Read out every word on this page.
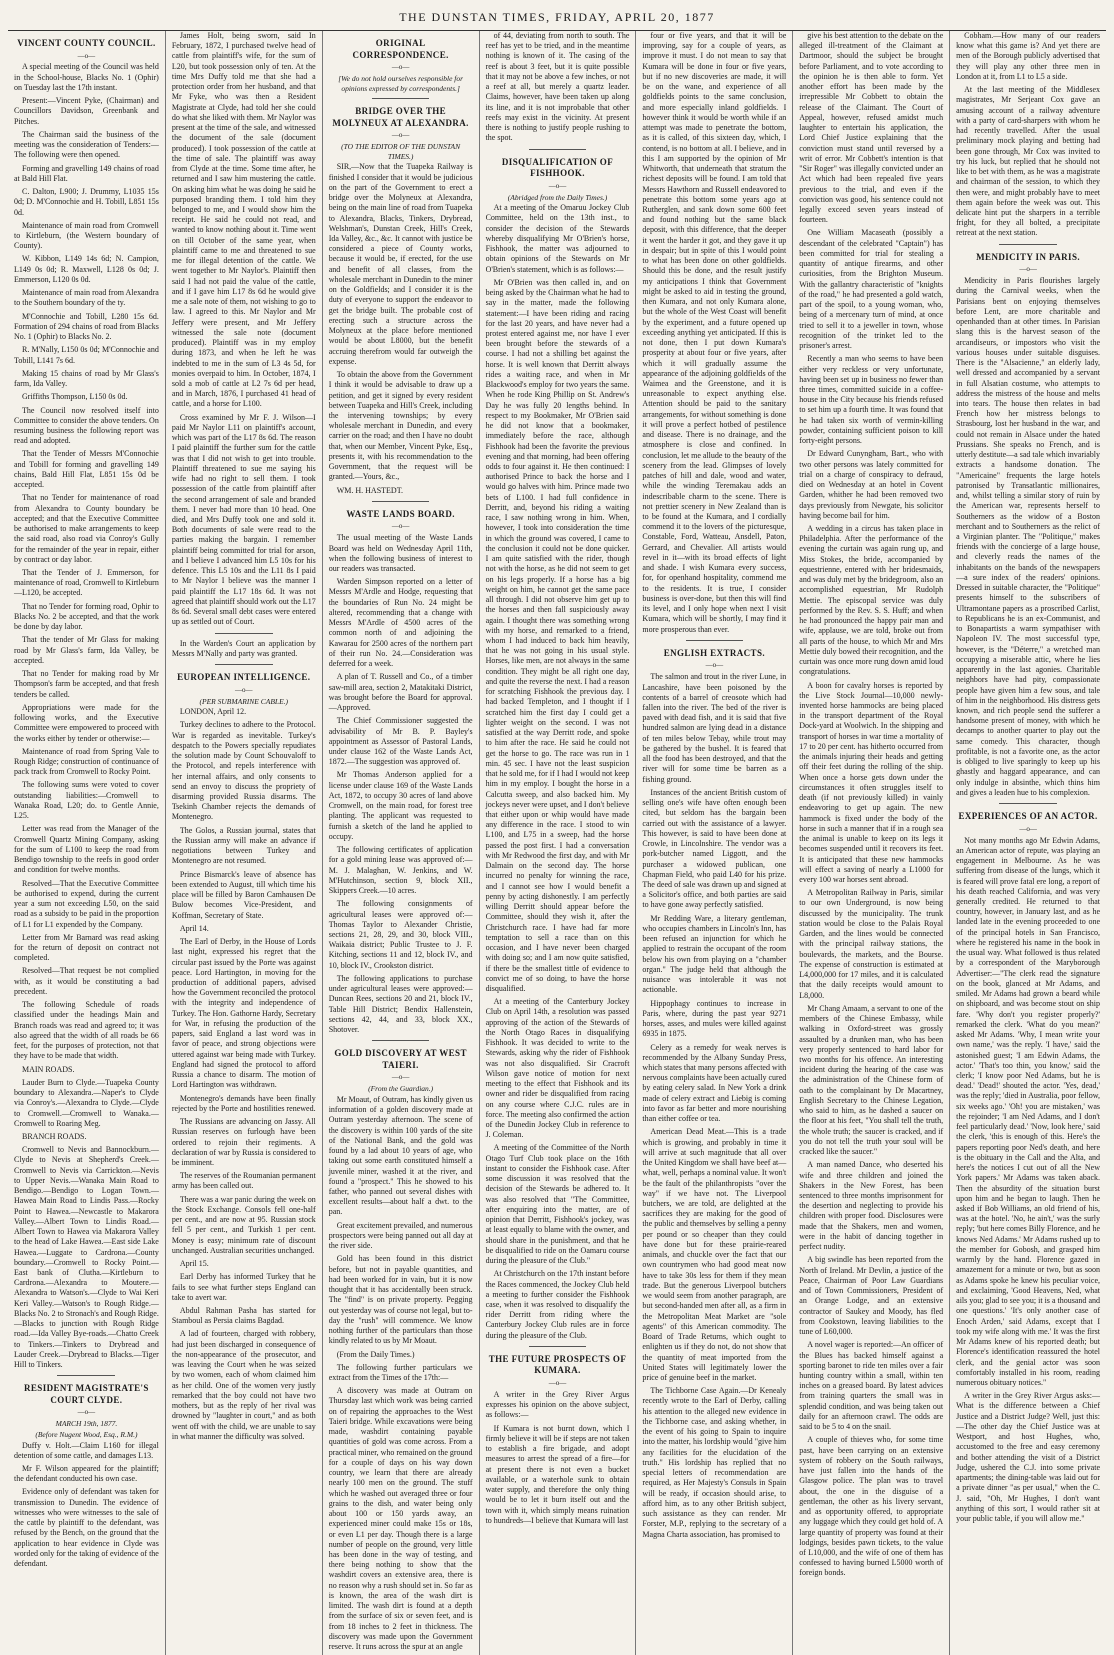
THE DUNSTAN TIMES, FRIDAY, APRIL 20, 1877
VINCENT COUNTY COUNCIL.
—o—

A special meeting of the Council was held in the School-house, Blacks No. 1 (Ophir) on Tuesday last the 17th instant.

Present:—Vincent Pyke, (Chairman) and Councillors Davidson, Greenbank and Pitches.

The Chairman said the business of the meeting was the consideration of Tenders:—The following were then opened.

Forming and gravelling 149 chains of road at Bald Hill Flat.

C. Dalton, L900; J. Drummy, L1035 15s 0d; D. M'Connochie and H. Tobill, L851 15s 0d.

Maintenance of main road from Cromwell to Kirtleburn, (the Western boundary of County).

W. Kibbon, L149 14s 6d; N. Campion, L149 0s 0d; R. Maxwell, L128 0s 0d; J. Emmerson, L120 0s 0d.

Maintenance of main road from Alexandra to the Southern boundary of the ty.

M'Connochie and Tobill, L280 15s 6d. Formation of 294 chains of road from Blacks No. 1 (Ophir) to Blacks No. 2.

R. M'Nally, L150 0s 0d; M'Connochie and Tobill, L141 7s 6d.

Making 15 chains of road by Mr Glass's farm, Ida Valley.

Griffiths Thompson, L150 0s 0d.

The Council now resolved itself into Committee to consider the above tenders. On resuming business the following report was read and adopted.

That the Tender of Messrs M'Connochie and Tobill for forming and gravelling 149 chains, Bald Hill Flat, L851 15s 0d be accepted.

That no Tender for maintenance of road from Alexandra to County boundary be accepted; and that the Executive Committee be authorised to make arrangements to keep the said road, also road via Conroy's Gully for the remainder of the year in repair, either by contract or day labor.

That the Tender of J. Emmerson, for maintenance of road, Cromwell to Kirtleburn—L120, be accepted.

That no Tender for forming road, Ophir to Blacks No. 2 be accepted, and that the work be done by day labor.

That the tender of Mr Glass for making road by Mr Glass's farm, Ida Valley, be accepted.

That no Tender for making road by Mr Thompson's farm be accepted, and that fresh tenders be called.

Appropriations were made for the following works, and the Executive Committee were empowered to proceed with the works either by tender or otherwise:—

Maintenance of road from Spring Vale to Rough Ridge; construction of continuance of pack track from Cromwell to Rocky Point.

The following sums were voted to cover outstanding liabilities:—Cromwell to Wanaka Road, L20; do. to Gentle Annie, L25.

Letter was read from the Manager of the Cromwell Quartz Mining Company, asking for the sum of L100 to keep the road from Bendigo township to the reefs in good order and condition for twelve months.

Resolved—That the Executive Committee be authorised to expend, during the current year a sum not exceeding L50, on the said road as a subsidy to be paid in the proportion of L1 for L1 expended by the Company.

Letter from Mr Barnard was read asking for the return of deposit on contract not completed.

Resolved—That request be not complied with, as it would be constituting a bad precedent.

The following Schedule of roads classified under the headings Main and Branch roads was read and agreed to; it was also agreed that the width of all roads be 66 feet, for the purposes of protection, not that they have to be made that width.

MAIN ROADS.

Lauder Burn to Clyde.—Tuapeka County boundary to Alexandra.—Naper's to Clyde via Conroy's.—Alexandra to Clyde.—Clyde to Cromwell.—Cromwell to Wanaka.—Cromwell to Roaring Meg.

BRANCH ROADS.

Cromwell to Nevis and Bannockburn.—Clyde to Nevis at Shepherd's Creek.—Cromwell to Nevis via Carrickton.—Nevis to Upper Nevis.—Wanaka Main Road to Bendigo.—Bendigo to Logan Town.—Hawea Main Road to Lindis Pass.—Rocky Point to Hawea.—Newcastle to Makarora Valley.—Albert Town to Lindis Road.—Albert Town to Hawea via Makarora Valley to the head of Lake Hawea.—East side Lake Hawea.—Luggate to Cardrona.—County boundary.—Cromwell to Rocky Point.—East bank of Clutha.—Kirtleburn to Cardrona.—Alexandra to Moutere.—Alexandra to Watson's.—Clyde to Wai Keri Keri Valley.—Watson's to Rough Ridge.—Blacks No. 2 to Stronach's and Rough Ridge.—Blacks to junction with Rough Ridge road.—Ida Valley Bye-roads.—Chatto Creek to Tinkers.—Tinkers to Drybread and Lauder Creek.—Drybread to Blacks.—Tiger Hill to Tinkers.

RESIDENT MAGISTRATE'S COURT CLYDE.
—o—
MARCH 19th, 1877.
(Before Nugent Wood, Esq., R.M.)

Duffy v. Holt.—Claim L160 for illegal detention of some cattle, and damages L13.

Mr F. Wilson appeared for the plaintiff; the defendant conducted his own case.

Evidence only of defendant was taken for transmission to Dunedin. The evidence of witnesses who were witnesses to the sale of the cattle by plaintiff to the defendant, was refused by the Bench, on the ground that the application to hear evidence in Clyde was worded only for the taking of evidence of the defendant.

James Holt, being sworn, said In February, 1872, I purchased twelve head of cattle from plaintiff's wife, for the sum of L20, but took possession only of ten. At the time Mrs Duffy told me that she had a protection order from her husband, and that Mr Fyke, who was then a Resident Magistrate at Clyde, had told her she could do what she liked with them. Mr Naylor was present at the time of the sale, and witnessed the document of the sale (document produced). I took possession of the cattle at the time of sale. The plaintiff was away from Clyde at the time. Some time after, he returned and I saw him mustering the cattle. On asking him what he was doing he said he purposed branding them. I told him they belonged to me, and I would show him the receipt. He said he could not read, and wanted to know nothing about it. Time went on till October of the same year, when plaintiff came to me and threatened to sue me for illegal detention of the cattle. We went together to Mr Naylor's. Plaintiff then said I had not paid the value of the cattle, and if I gave him L17 8s 6d he would give me a sale note of them, not wishing to go to law. I agreed to this. Mr Naylor and Mr Jeffery were present, and Mr Jeffery witnessed the sale note (document produced). Plaintiff was in my employ during 1873, and when he left he was indebted to me in the sum of L3 4s 5d, for monies overpaid to him. In October, 1874, I sold a mob of cattle at L2 7s 6d per head, and in March, 1876, I purchased 41 head of cattle, and a horse for L100.

Cross examined by Mr F. J. Wilson—I paid Mr Naylor L11 on plaintiff's account, which was part of the L17 8s 6d. The reason I paid plaintiff the further sum for the cattle was that I did not wish to get into trouble. Plaintiff threatened to sue me saying his wife had no right to sell them. I took possession of the cattle from plaintiff after the second arrangement of sale and branded them. I never had more than 10 head. One died, and Mrs Duffy took one and sold it. Both documents of sale were read to the parties making the bargain. I remember plaintiff being committed for trial for arson, and I believe I advanced him L5 10s for his defence. This L5 10s and the L11 8s I paid to Mr Naylor I believe was the manner I paid plaintiff the L17 18s 6d. It was not agreed that plaintiff should work out the L17 8s 6d. Several small debt cases were entered up as settled out of Court.

In the Warden's Court an application by Messrs M'Nally and party was granted.

EUROPEAN INTELLIGENCE.
—o—
(PER SUBMARINE CABLE.)

LONDON, April 12.

Turkey declines to adhere to the Protocol. War is regarded as inevitable. Turkey's despatch to the Powers specially repudiates the solution made by Count Schouvaloff to the Protocol, and repels interference with her internal affairs, and only consents to send an envoy to discuss the propriety of disarming provided Russia disarms. The Tsekinh Chamber rejects the demands of Montenegro.

The Golos, a Russian journal, states that the Russian army will make an advance if negotiations between Turkey and Montenegro are not resumed.

Prince Bismarck's leave of absence has been extended to August, till which time his place will be filled by Baron Camhausen De Bulow becomes Vice-President, and Koffman, Secretary of State.

April 14.

The Earl of Derby, in the House of Lords last night, expressed his regret that the circular past issued by the Porte was against peace. Lord Hartington, in moving for the production of additional papers, advised how the Government reconciled the protocol with the integrity and independence of Turkey. The Hon. Gathorne Hardy, Secretary for War, in refusing the production of the papers, said England a last word was in favor of peace, and strong objections were uttered against war being made with Turkey. England had signed the protocol to afford Russia a chance to disarm. The motion of Lord Hartington was withdrawn.

Montenegro's demands have been finally rejected by the Porte and hostilities renewed.

The Russians are advancing on Jassy. All Russian reserves on furlough have been ordered to rejoin their regiments. A declaration of war by Russia is considered to be imminent.

The reserves of the Roumanian permanent army has been called out.

There was a war panic during the week on the Stock Exchange. Consols fell one-half per cent., and are now at 95. Russian stock fell 5 per cent., and Turkish 1 per cent. Money is easy; minimum rate of discount unchanged. Australian securities unchanged.

April 15.

Earl Derby has informed Turkey that he fails to see what further steps England can take to avert war.

Abdul Rahman Pasha has started for Stamboul as Persia claims Bagdad.

A lad of fourteen, charged with robbery, had just been discharged in consequence of the non-appearance of the prosecutor, and was leaving the Court when he was seized by two women, each of whom claimed him as her child. One of the women very justly remarked that the boy could not have two mothers, but as the reply of her rival was drowned by "laughter in court," and as both went off with the child, we are unable to say in what manner the difficulty was solved.

ORIGINAL CORRESPONDENCE.
—o—
[We do not hold ourselves responsible for opinions expressed by correspondents.]
BRIDGE OVER THE MOLYNEUX AT ALEXANDRA.
—o—
(TO THE EDITOR OF THE DUNSTAN TIMES.)

SIR,—Now that the Tuapeka Railway is finished I consider that it would be judicious on the part of the Government to erect a bridge over the Molyneux at Alexandra, being on the main line of road from Tuapeka to Alexandra, Blacks, Tinkers, Drybread, Welshman's, Dunstan Creek, Hill's Creek, Ida Valley, &c., &c. It cannot with justice be considered a piece of County works, because it would be, if erected, for the use and benefit of all classes, from the wholesale merchant in Dunedin to the miner on the Goldfields; and I consider it is the duty of everyone to support the endeavor to get the bridge built. The probable cost of erecting such a structure across the Molyneux at the place before mentioned would be about L8000, but the benefit accruing therefrom would far outweigh the expense.

To obtain the above from the Government I think it would be advisable to draw up a petition, and get it signed by every resident between Tuapeka and Hill's Creek, including the intervening townships; by every wholesale merchant in Dunedin, and every carrier on the road; and then I have no doubt that, when our Member, Vincent Pyke, Esq., presents it, with his recommendation to the Government, that the request will be granted.—Yours, &c.,

WM. H. HASTEDT.

WASTE LANDS BOARD.
—o—

The usual meeting of the Waste Lands Board was held on Wednesday April 11th, when the following business of interest to our readers was transacted.

Warden Simpson reported on a letter of Messrs M'Ardle and Hodge, requesting that the boundaries of Run No. 24 might be altered, recommending that a change with Messrs M'Ardle of 4500 acres of the common north of and adjoining the Kawarau for 2500 acres of the northern part of their run No. 24.—Consideration was deferred for a week.

A plan of T. Russell and Co., of a timber saw-mill area, section 2, Matakitaki District, was brought before the Board for approval.—Approved.

The Chief Commissioner suggested the advisability of Mr B. P. Bayley's appointment as Assessor of Pastoral Lands, under clause 162 of the Waste Lands Act, 1872.—The suggestion was approved of.

Mr Thomas Anderson applied for a license under clause 169 of the Waste Lands Act, 1872, to occupy 30 acres of land above Cromwell, on the main road, for forest tree planting. The applicant was requested to furnish a sketch of the land he applied to occupy.

The following certificates of application for a gold mining lease was approved of:—M. J. Malaghan, W. Jenkins, and W. M'Hutchinson, section 9, block XII., Skippers Creek.—10 acres.

The following consignments of agricultural leases were approved of:—Thomas Taylor to Alexander Christie, sections 21, 28, 29, and 30, block VIII., Waikaia district; Public Trustee to J. F. Kitching, sections 11 and 12, block IV., and 10, block IV., Crookston district.

The following applications to purchase under agricultural leases were approved:—Duncan Rees, sections 20 and 21, block IV., Table Hill District; Bendix Hallenstein, sections 42, 44, and 33, block XX., Shotover.

GOLD DISCOVERY AT WEST TAIERI.
—o—
(From the Guardian.)

Mr Moaut, of Outram, has kindly given us information of a golden discovery made at Outram yesterday afternoon. The scene of the discovery is within 100 yards of the site of the National Bank, and the gold was found by a lad about 10 years of age, who taking out some earth constituted himself a juvenile miner, washed it at the river, and found a "prospect." This he showed to his father, who panned out several dishes with excellent results—about half a dwt. to the pan.

Great excitement prevailed, and numerous prospectors were being panned out all day at the river side.

Gold has been found in this district before, but not in payable quantities, and had been worked for in vain, but it is now thought that it has accidentally been struck. The "find" is on private property. Pegging out yesterday was of course not legal, but to-day the "rush" will commence. We know nothing further of the particulars than those kindly related to us by Mr Moaut.

(From the Daily Times.)

The following further particulars we extract from the Times of the 17th:—

A discovery was made at Outram on Thursday last which work was being carried on of repairing the approaches to the West Taieri bridge. While excavations were being made, washdirt containing payable quantities of gold was come across. From a practical miner, who remained on the ground for a couple of days on his way down country, we learn that there are already nearly 100 men on the ground. The stuff which he washed out averaged three or four grains to the dish, and water being only about 100 or 150 yards away, an experienced miner could make 15s or 18s, or even L1 per day. Though there is a large number of people on the ground, very little has been done in the way of testing, and there being nothing to show that the washdirt covers an extensive area, there is no reason why a rush should set in. So far as is known, the area of the wash dirt is limited. The wash dirt is found at a depth from the surface of six or seven feet, and is from 18 inches to 2 feet in thickness. The discovery was made upon the Government reserve. It runs across the spur at an angle

of 44, deviating from north to south. The reef has yet to be tried, and in the meantime nothing is known of it. The casing of the reef is about 3 feet, but it is quite possible that it may not be above a few inches, or not a reef at all, but merely a quartz leader. Claims, however, have been taken up along its line, and it is not improbable that other reefs may exist in the vicinity. At present there is nothing to justify people rushing to the spot.

DISQUALIFICATION OF FISHHOOK.
—o—
(Abridged from the Daily Times.)

At a meeting of the Omaruu Jockey Club Committee, held on the 13th inst., to consider the decision of the Stewards whereby disqualifying Mr O'Brien's horse, Fishhook, the matter was adjourned to obtain opinions of the Stewards on Mr O'Brien's statement, which is as follows:—

Mr O'Brien was then called in, and on being asked by the Chairman what he had to say in the matter, made the following statement:—I have been riding and racing for the last 20 years, and have never had a protest entered against me, nor have I ever been brought before the stewards of a course. I had not a shilling bet against the horse. It is well known that Derritt always rides a waiting race, and when in Mr Blackwood's employ for two years the same. When he rode King Phillip on St. Andrew's Day he was fully 20 lengths behind. In respect to my Bookmaker, Mr O'Brien said he did not know that a bookmaker, immediately before the race, although Fishhook had been the favorite the previous evening and that morning, had been offering odds to four against it. He then continued: I authorised Prince to back the horse and I would go halves with him. Prince made two bets of L100. I had full confidence in Derritt, and, beyond his riding a waiting race, I saw nothing wrong in him. When, however, I took into consideration the time in which the ground was covered, I came to the conclusion it could not be done quicker. I am quite satisfied with the rider, though not with the horse, as he did not seem to get on his legs properly. If a horse has a big weight on him, he cannot get the same pace all through. I did not observe him get up to the horses and then fall suspiciously away again. I thought there was something wrong with my horse, and remarked to a friend, whom I had induced to back him heavily, that he was not going in his usual style. Horses, like men, are not always in the same condition. They might be all right one day, and quite the reverse the next. I had a reason for scratching Fishhook the previous day. I had backed Templeton, and I thought if I scratched him the first day I could get a lighter weight on the second. I was not satisfied at the way Derritt rode, and spoke to him after the race. He said he could not get the horse to go. The race was run in 1 min. 45 sec. I have not the least suspicion that he sold me, for if I had I would not keep him in my employ. I bought the horse in a Calcutta sweep, and also backed him. My jockeys never were upset, and I don't believe that either upon or whip would have made any difference in the race. I stood to win L100, and L75 in a sweep, had the horse passed the post first. I had a conversation with Mr Redwood the first day, and with Mr Dalmain on the second day. The horse incurred no penalty for winning the race, and I cannot see how I would benefit a penny by acting dishonestly. I am perfectly willing Derritt should appear before the Committee, should they wish it, after the Christchurch race. I have had far more temptation to sell a race than on this occasion, and I have never been charged with doing so; and I am now quite satisfied, if there be the smallest tittle of evidence to convict me of so doing, to have the horse disqualified.

At a meeting of the Canterbury Jockey Club on April 14th, a resolution was passed approving of the action of the Stewards of the North Otago Races in disqualifying Fishhook. It was decided to write to the Stewards, asking why the rider of Fishhook was not also disqualified. Sir Cracroft Wilson gave notice of motion for next meeting to the effect that Fishhook and its owner and rider be disqualified from racing on any course where C.J.C. rules are in force. The meeting also confirmed the action of the Dunedin Jockey Club in reference to J. Coleman.

A meeting of the Committee of the North Otago Turf Club took place on the 16th instant to consider the Fishhook case. After some discussion it was resolved that the decision of the Stewards be adhered to. It was also resolved that "The Committee, after enquiring into the matter, are of opinion that Derritt, Fishhook's jockey, was at least equally to blame with the owner, and should share in the punishment, and that he be disqualified to ride on the Oamaru course during the pleasure of the Club."

At Christchurch on the 17th instant before the Races commenced, the Jockey Club held a meeting to further consider the Fishhook case, when it was resolved to disqualify the rider Derritt from riding where the Canterbury Jockey Club rules are in force during the pleasure of the Club.

THE FUTURE PROSPECTS OF KUMARA.
—o—

A writer in the Grey River Argus expresses his opinion on the above subject, as follows:—

If Kumara is not burnt down, which I firmly believe it will be if steps are not taken to establish a fire brigade, and adopt measures to arrest the spread of a fire—for at present there is not even a bucket available, or a waterhole sunk to obtain water supply, and therefore the only thing would be to let it burn itself out and the town with it, which simply means ruination to hundreds—I believe that Kumara will last

four or five years, and that it will be improving, say for a couple of years, as improve it must. I do not mean to say that Kumara will be done in four or five years, but if no new discoveries are made, it will be on the wane, and experience of all goldfields points to the same conclusion, and more especially inland goldfields. I however think it would be worth while if an attempt was made to penetrate the bottom, as it is called, of this sixteen day, which, I contend, is no bottom at all. I believe, and in this I am supported by the opinion of Mr Whitworth, that underneath that stratum the richest deposits will be found. I am told that Messrs Hawthorn and Russell endeavored to penetrate this bottom some years ago at Rutherglen, and sank down some 600 feet and found nothing but the same black deposit, with this difference, that the deeper it went the harder it got, and they gave it up in despair; but in spite of this I would point to what has been done on other goldfields. Should this be done, and the result justify my anticipations I think that Government might be asked to aid in testing the ground, then Kumara, and not only Kumara alone, but the whole of the West Coast will benefit by the experiment, and a future opened up exceeding anything yet anticipated. If this is not done, then I put down Kumara's prosperity at about four or five years, after which it will gradually assume the appearance of the adjoining goldfields of the Waimea and the Greenstone, and it is unreasonable to expect anything else. Attention should be paid to the sanitary arrangements, for without something is done it will prove a perfect hotbed of pestilence and disease. There is no drainage, and the atmosphere is close and confined. In conclusion, let me allude to the beauty of the scenery from the lead. Glimpses of lovely patches of hill and dale, wood and water, while the winding Teremakau adds an indescribable charm to the scene. There is not prettier scenery in New Zealand than is to be found at the Kumara, and I cordially commend it to the lovers of the picturesque, Constable, Ford, Watteau, Ansdell, Paton, Gerrard, and Chevalier. All artists would revel in it—with its broad effects of light and shade. I wish Kumara every success, for, for openhand hospitality, commend me to the residents. It is true, I consider business is over-done, but then this will find its level, and I only hope when next I visit Kumara, which will be shortly, I may find it more prosperous than ever.

ENGLISH EXTRACTS.
—o—

The salmon and trout in the river Lune, in Lancashire, have been poisoned by the contents of a barrel of creosote which had fallen into the river. The bed of the river is paved with dead fish, and it is said that five hundred salmon are lying dead in a distance of ten miles below Tebay, while trout may be gathered by the bushel. It is feared that all the food has been destroyed, and that the river will for some time be barren as a fishing ground.

Instances of the ancient British custom of selling one's wife have often enough been cited, but seldom has the bargain been carried out with the assistance of a lawyer. This however, is said to have been done at Crowle, in Lincolnshire. The vendor was a pork-butcher named Liggott, and the purchaser a widowed publican, one Chapman Field, who paid L40 for his prize. The deed of sale was drawn up and signed at a Solicitor's office, and both parties are said to have gone away perfectly satisfied.

Mr Redding Ware, a literary gentleman, who occupies chambers in Lincoln's Inn, has been refused an injunction for which he applied to restrain the occupant of the room below his own from playing on a "chamber organ." The judge held that although the nuisance was intolerable it was not actionable.

Hippophagy continues to increase in Paris, where, during the past year 9271 horses, asses, and mules were killed against 6935 in 1875.

Celery as a remedy for weak nerves is recommended by the Albany Sunday Press, which states that many persons affected with nervous complaints have been actually cured by eating celery salad. In New York a drink made of celery extract and Liebig is coming into favor as far better and more nourishing than either coffee or tea.

American Dead Meat.—This is a trade which is growing, and probably in time it will arrive at such magnitude that all over the United Kingdom we shall have beef at—what, well, perhaps a nominal value. It won't be the fault of the philanthropists "over the way" if we have not. The Liverpool butchers, we are told, are delighted at the sacrifices they are making for the good of the public and themselves by selling a penny per pound or so cheaper than they could have done but for these prairie-reared animals, and chuckle over the fact that our own countrymen who had good meat now have to take 30s less for them if they mean trade. But the generous Liverpool butchers we would seem from another paragraph, are but second-handed men after all, as a firm in the Metropolitan Meat Market are "sole agents" of this American commodity. The Board of Trade Returns, which ought to enlighten us if they do not, do not show that the quantity of meat imported from the United States will legitimately lower the price of genuine beef in the market.

The Tichborne Case Again.—Dr Kenealy recently wrote to the Earl of Derby, calling his attention to the alleged new evidence in the Tichborne case, and asking whether, in the event of his going to Spain to inquire into the matter, his lordship would "give him any facilities for the elucidation of the truth." His lordship has replied that no special letters of recommendation are required, as Her Majesty's Consuls in Spain will be ready, if occasion should arise, to afford him, as to any other British subject, such assistance as they can render. Mr Forster, M.P., replying to the secretary of a Magna Charta association, has promised to

give his best attention to the debate on the alleged ill-treatment of the Claimant at Dartmoor, should the subject be brought before Parliament, and to vote according to the opinion he is then able to form. Yet another effort has been made by the irrepressible Mr Cobbett to obtain the release of the Claimant. The Court of Appeal, however, refused amidst much laughter to entertain his application, the Lord Chief Justice explaining that the conviction must stand until reversed by a writ of error. Mr Cobbett's intention is that "Sir Roger" was illegally convicted under an Act which had been repealed five years previous to the trial, and even if the conviction was good, his sentence could not legally exceed seven years instead of fourteen.

One William Macaseath (possibly a descendant of the celebrated "Captain") has been committed for trial for stealing a quantity of antique firearms, and other curiosities, from the Brighton Museum. With the gallantry characteristic of "knights of the road," he had presented a gold watch, part of the spoil, to a young woman, who, being of a mercenary turn of mind, at once tried to sell it to a jeweller in town, whose recognition of the trinket led to the prisoner's arrest.

Recently a man who seems to have been either very reckless or very unfortunate, having been set up in business no fewer than three times, committed suicide in a coffee-house in the City because his friends refused to set him up a fourth time. It was found that he had taken six worth of vermin-killing powder, containing sufficient poison to kill forty-eight persons.

Dr Edward Cunyngham, Bart., who with two other persons was lately committed for trial on a charge of conspiracy to defraud, died on Wednesday at an hotel in Covent Garden, whither he had been removed two days previously from Newgate, his solicitor having become bail for him.

A wedding in a circus has taken place in Philadelphia. After the performance of the evening the curtain was again rung up, and Miss Stokes, the bride, accompanied by equestrienne, entered with her bridesmaids, and was duly met by the bridegroom, also an accomplished equestrian, Mr Rudolph Mettie. The episcopal service was duly performed by the Rev. S. S. Huff; and when he had pronounced the happy pair man and wife, applause, we are told, broke out from all parts of the house, to which Mr and Mrs Mettie duly bowed their recognition, and the curtain was once more rung down amid loud congratulations.

A boon for cavalry horses is reported by the Live Stock Journal—10,000 newly-invented horse hammocks are being placed in the transport department of the Royal Dock-yard at Woolwich. In the shipping and transport of horses in war time a mortality of 17 to 20 per cent. has hitherto occurred from the animals injuring their heads and getting off their feet during the rolling of the ship. When once a horse gets down under the circumstances it often struggles itself to death (if not previously killed) in vainly endeavoring to get up again. The new hammock is fixed under the body of the horse in such a manner that if in a rough sea the animal is unable to keep on its legs it becomes suspended until it recovers its feet. It is anticipated that these new hammocks will effect a saving of nearly a L1000 for every 100 war horses sent abroad.

A Metropolitan Railway in Paris, similar to our own Underground, is now being discussed by the municipality. The trunk station would be close to the Palais Royal Garden, and the lines would be connected with the principal railway stations, the boulevards, the markets, and the Bourse. The expense of construction is estimated at L4,000,000 for 17 miles, and it is calculated that the daily receipts would amount to L8,000.

Mr Chang Amaam, a servant to one of the members of the Chinese Embassy, while walking in Oxford-street was grossly assaulted by a drunken man, who has been very properly sentenced to hard labor for two months for his offence. An interesting incident during the hearing of the case was the administration of the Chinese form of oath to the complainant by Dr Macartney, English Secretary to the Chinese Legation, who said to him, as he dashed a saucer on the floor at his feet, "You shall tell the truth, the whole truth; the saucer is cracked, and if you do not tell the truth your soul will be cracked like the saucer."

A man named Dance, who deserted his wife and three children and joined the Shakers in the New Forest, has been sentenced to three months imprisonment for the desertion and neglecting to provide his children with proper food. Disclosures were made that the Shakers, men and women, were in the habit of dancing together in perfect nudity.

A big swindle has been reported from the North of Ireland. Mr Devlin, a justice of the Peace, Chairman of Poor Law Guardians and of Town Commissioners, President of an Orange Lodge, and an extensive contractor of Saukey and Moody, has fled from Cookstown, leaving liabilities to the tune of L60,000.

A novel wager is reported:—An officer of the Blues has backed himself against a sporting baronet to ride ten miles over a fair hunting country within a small, within ten inches on a greased board. By latest advices from training quarters the small was in splendid condition, and was being taken out daily for an afternoon crawl. The odds are said to be 5 to 4 on the snail.

A couple of thieves who, for some time past, have been carrying on an extensive system of robbery on the South railways, have just fallen into the hands of the Glasgow police. The plan was to travel about, the one in the disguise of a gentleman, the other as his livery servant, and as opportunity offered, to appropriate any luggage which they could get hold of. A large quantity of property was found at their lodgings, besides pawn tickets, to the value of L10,000, and the wife of one of them has confessed to having burned L5000 worth of foreign bonds.

Cobham.—How many of our readers know what this game is? And yet there are men of the Borough publicly advertised that they will play any other three men in London at it, from L1 to L5 a side.

At the last meeting of the Middlesex magistrates, Mr Serjeant Cox gave an amusing account of a railway adventure with a party of card-sharpers with whom he had recently travelled. After the usual preliminary mock playing and betting had been gone through, Mr Cox was invited to try his luck, but replied that he should not like to bet with them, as he was a magistrate and chairman of the session, to which they then were, and might probably have to meet them again before the week was out. This delicate hint put the sharpers in a terrible fright, for they all bolted, a precipitate retreat at the next station.

MENDICITY IN PARIS.
—o—

Mendicity in Paris flourishes largely during the Carnival weeks, when the Parisians bent on enjoying themselves before Lent, are more charitable and openhanded than at other times. In Parisian slang this is the harvest season of the arcandiseurs, or impostors who visit the various houses under suitable disguises. There is the "Alsacienne," an elderly lady, well dressed and accompanied by a servant in full Alsatian costume, who attempts to address the mistress of the house and melts into tears. The house then relates in bad French how her mistress belongs to Strasbourg, lost her husband in the war, and could not remain in Alsace under the hated Prussians. She speaks no French, and is utterly destitute—a sad tale which invariably extracts a handsome donation. The "Americaine" frequents the large hotels patronised by Transatlantic millionaires, and, whilst telling a similar story of ruin by the American war, represents herself to Southerners as the widow of a Boston merchant and to Southerners as the relict of a Virginian planter. The "Politique," makes friends with the concierge of a large house, and cleverly reads the names of the inhabitants on the bands of the newspapers—a sure index of the readers' opinions. Dressed in suitable character, the "Politique" presents himself to the subscribers of Ultramontane papers as a proscribed Carlist, to Republicans he is an ex-Communist, and to Bonapartists a warm sympathiser with Napoleon IV. The most successful type, however, is the "Déterre," a wretched man occupying a miserable attic, where he lies apparently in the last agonies. Charitable neighbors have had pity, compassionate people have given him a few sous, and tale of him in the neighborhood. His distress gets known, and rich people send the sufferer a handsome present of money, with which he decamps to another quarter to play out the same comedy. This character, though profitable, is not a favorite one, as the actor is obliged to live sparingly to keep up his ghastly and haggard appearance, and can only indulge in absinthe, which thins him and gives a leaden hue to his complexion.

EXPERIENCES OF AN ACTOR.
—o—

Not many months ago Mr Edwin Adams, an American actor of repute, was playing an engagement in Melbourne. As he was suffering from disease of the lungs, which it is feared will prove fatal ere long, a report of his death reached California, and was very generally credited. He returned to that country, however, in January last, and as he landed late in the evening proceeded to one of the principal hotels in San Francisco, where he registered his name in the book in the usual way. What followed is thus related by a correspondent of the Maryborough Advertiser:—"The clerk read the signature on the book, glanced at Mr Adams, and smiled. Mr Adams had grown a beard while on shipboard, and was become stout on ship fare. 'Why don't you register properly?' remarked the clerk. 'What do you mean?' asked Mr Adams. 'Why, I mean write your own name,' was the reply. 'I have,' said the astonished guest; 'I am Edwin Adams, the actor.' 'That's too thin, you know,' said the clerk; 'I know poor Ned Adams, but he is dead.' 'Dead!' shouted the actor. 'Yes, dead,' was the reply; 'died in Australia, poor fellow, six weeks ago.' 'Oh! you are mistaken,' was the rejoinder; 'I am Ned Adams, and I don't feel particularly dead.' 'Now, look here,' said the clerk, 'this is enough of this. Here's the papers reporting poor Ned's death, and here is the obituary in the Call and the Alta, and here's the notices I cut out of all the New York papers.' Mr Adams was taken aback. Then the absurdity of the situation burst upon him and he began to laugh. Then he asked if Bob Williams, an old friend of his, was at the hotel. 'No, he ain't,' was the surly reply; 'but here comes Billy Florence, and he knows Ned Adams.' Mr Adams rushed up to the member for Gobosh, and grasped him warmly by the hand. Florence gazed in amazement for a minute or two, but as soon as Adams spoke he knew his peculiar voice, and exclaiming, 'Good Heavens, Ned, what ails you; glad to see you; it is a thousand and one questions.' 'It's only another case of Enoch Arden,' said Adams, except that I took my wife along with me.' It was the first Mr Adams knew of his reported death; but Florence's identification reassured the hotel clerk, and the genial actor was soon comfortably installed in his room, reading numerous obituary notices."

A writer in the Grey River Argus asks:—What is the difference between a Chief Justice and a District Judge? Well, just this:—The other day the Chief Justice was at Westport, and host Hughes, who, accustomed to the free and easy ceremony and bother attending the visit of a District Judge, ushered the C.J. into some private apartments; the dining-table was laid out for a private dinner "as per usual," when the C. J. said, "Oh, Mr Hughes, I don't want anything of this sort, I would rather sit at your public table, if you will allow me."
